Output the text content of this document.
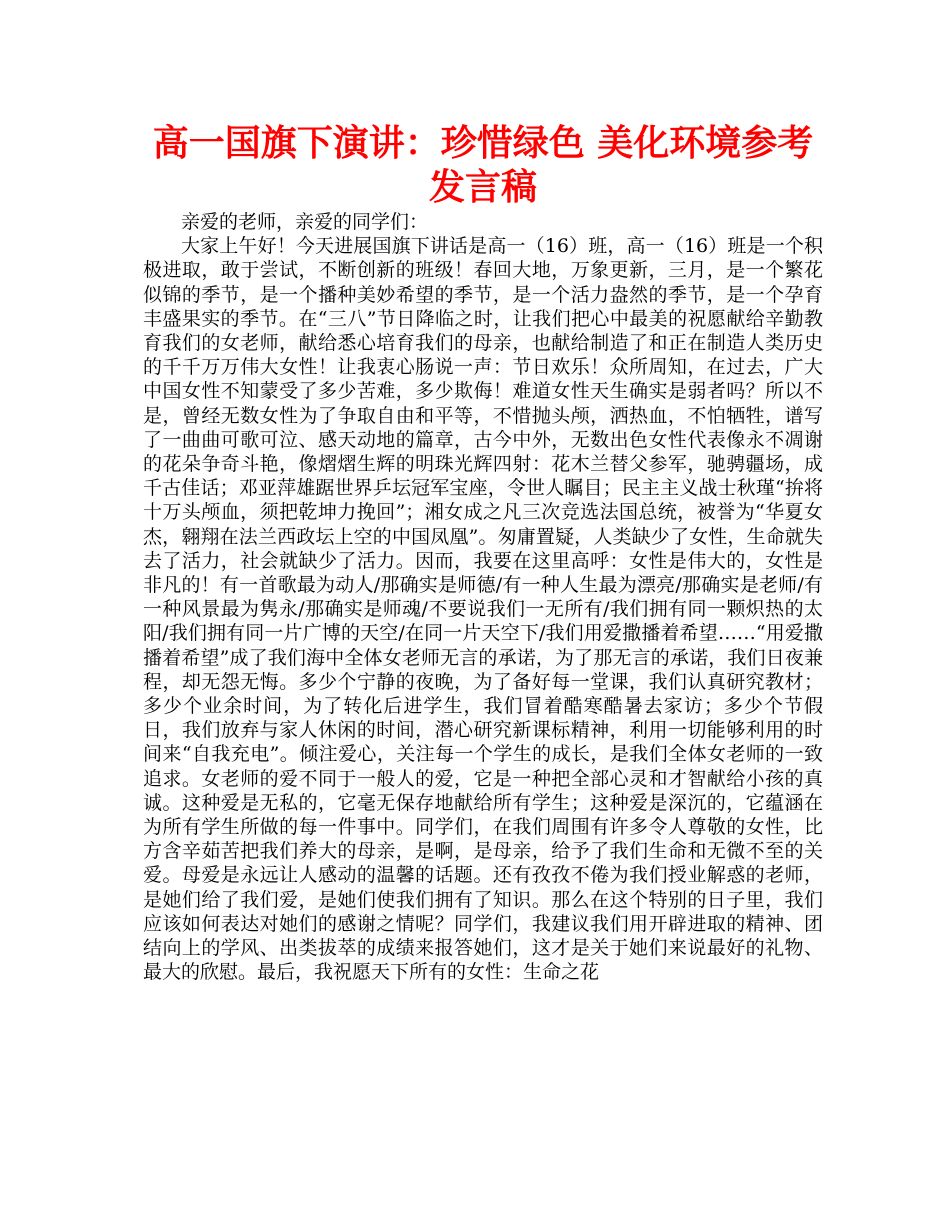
高一国旗下演讲：珍惜绿色 美化环境参考发言稿

亲爱的老师，亲爱的同学们：

大家上午好！今天进展国旗下讲话是高一（16）班，高一（16）班是一个积极进取，敢于尝试，不断创新的班级！春回大地，万象更新，三月，是一个繁花似锦的季节，是一个播种美妙希望的季节，是一个活力盎然的季节，是一个孕育丰盛果实的季节。在“三八”节日降临之时，让我们把心中最美的祝愿献给辛勤教育我们的女老师，献给悉心培育我们的母亲，也献给制造了和正在制造人类历史的千千万万伟大女性！让我衷心肠说一声：节日欢乐！众所周知，在过去，广大中国女性不知蒙受了多少苦难，多少欺侮！难道女性天生确实是弱者吗？所以不是，曾经无数女性为了争取自由和平等，不惜抛头颅，洒热血，不怕牺牲，谱写了一曲曲可歌可泣、感天动地的篇章，古今中外，无数出色女性代表像永不凋谢的花朵争奇斗艳，像熠熠生辉的明珠光辉四射：花木兰替父参军，驰骋疆场，成千古佳话；邓亚萍雄踞世界乒坛冠军宝座，令世人瞩目；民主主义战士秋瑾“拚将十万头颅血，须把乾坤力挽回”；湘女成之凡三次竞选法国总统，被誉为“华夏女杰，翱翔在法兰西政坛上空的中国凤凰”。匆庸置疑，人类缺少了女性，生命就失去了活力，社会就缺少了活力。因而，我要在这里高呼：女性是伟大的，女性是非凡的！有一首歌最为动人/那确实是师德/有一种人生最为漂亮/那确实是老师/有一种风景最为隽永/那确实是师魂/不要说我们一无所有/我们拥有同一颗炽热的太阳/我们拥有同一片广博的天空/在同一片天空下/我们用爱撒播着希望……“用爱撒播着希望”成了我们海中全体女老师无言的承诺，为了那无言的承诺，我们日夜兼程，却无怨无悔。多少个宁静的夜晚，为了备好每一堂课，我们认真研究教材；多少个业余时间，为了转化后进学生，我们冒着酷寒酷暑去家访；多少个节假日，我们放弃与家人休闲的时间，潜心研究新课标精神，利用一切能够利用的时间来“自我充电”。倾注爱心，关注每一个学生的成长，是我们全体女老师的一致追求。女老师的爱不同于一般人的爱，它是一种把全部心灵和才智献给小孩的真诚。这种爱是无私的，它毫无保存地献给所有学生；这种爱是深沉的，它蕴涵在为所有学生所做的每一件事中。同学们，在我们周围有许多令人尊敬的女性，比方含辛茹苦把我们养大的母亲，是啊，是母亲，给予了我们生命和无微不至的关爱。母爱是永远让人感动的温馨的话题。还有孜孜不倦为我们授业解惑的老师，是她们给了我们爱，是她们使我们拥有了知识。那么在这个特别的日子里，我们应该如何表达对她们的感谢之情呢？同学们，我建议我们用开辟进取的精神、团结向上的学风、出类拔萃的成绩来报答她们，这才是关于她们来说最好的礼物、最大的欣慰。最后，我祝愿天下所有的女性：生命之花
